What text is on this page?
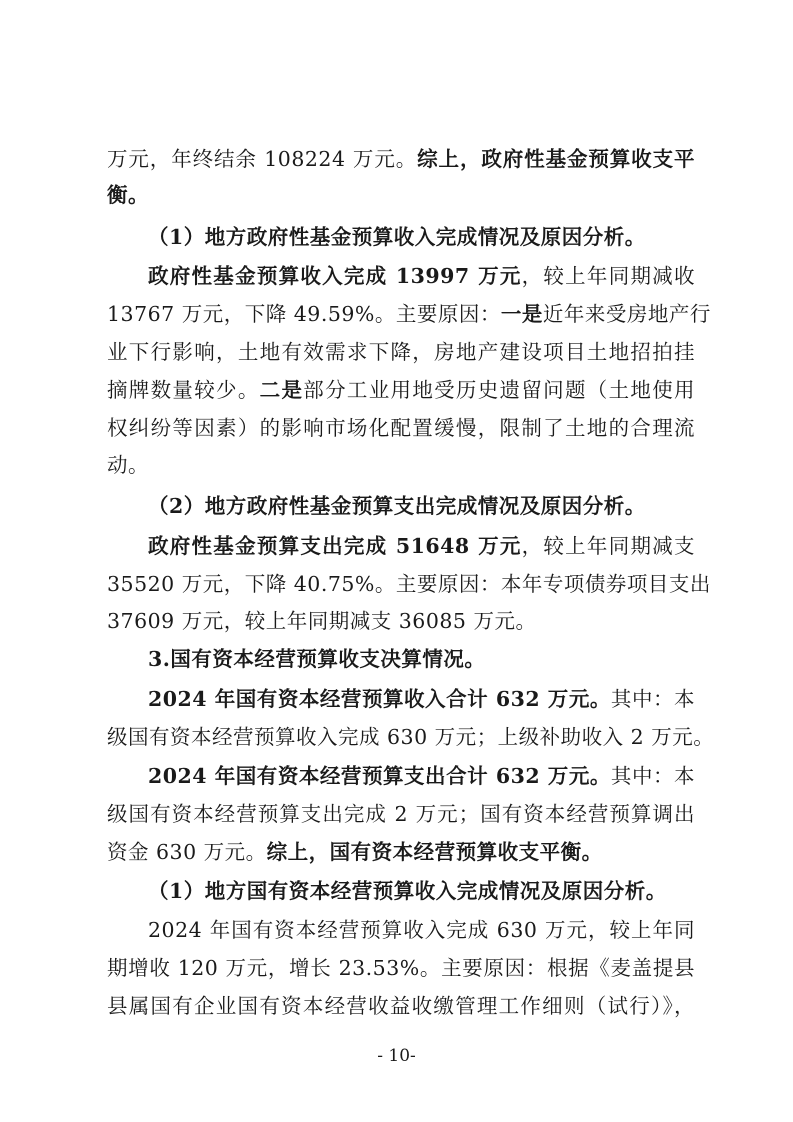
万元，年终结余 108224 万元。综上，政府性基金预算收支平
衡。
（1）地方政府性基金预算收入完成情况及原因分析。
政府性基金预算收入完成 13997 万元，较上年同期减收
13767 万元，下降 49.59%。主要原因：一是近年来受房地产行
业下行影响，土地有效需求下降，房地产建设项目土地招拍挂
摘牌数量较少。二是部分工业用地受历史遗留问题（土地使用
权纠纷等因素）的影响市场化配置缓慢，限制了土地的合理流
动。
（2）地方政府性基金预算支出完成情况及原因分析。
政府性基金预算支出完成 51648 万元，较上年同期减支
35520 万元，下降 40.75%。主要原因：本年专项债券项目支出
37609 万元，较上年同期减支 36085 万元。
3.国有资本经营预算收支决算情况。
2024 年国有资本经营预算收入合计 632 万元。其中：本
级国有资本经营预算收入完成 630 万元；上级补助收入 2 万元。
2024 年国有资本经营预算支出合计 632 万元。其中：本
级国有资本经营预算支出完成 2 万元；国有资本经营预算调出
资金 630 万元。综上，国有资本经营预算收支平衡。
（1）地方国有资本经营预算收入完成情况及原因分析。
2024 年国有资本经营预算收入完成 630 万元，较上年同
期增收 120 万元，增长 23.53%。主要原因：根据《麦盖提县
县属国有企业国有资本经营收益收缴管理工作细则（试行）》，
- 10-
